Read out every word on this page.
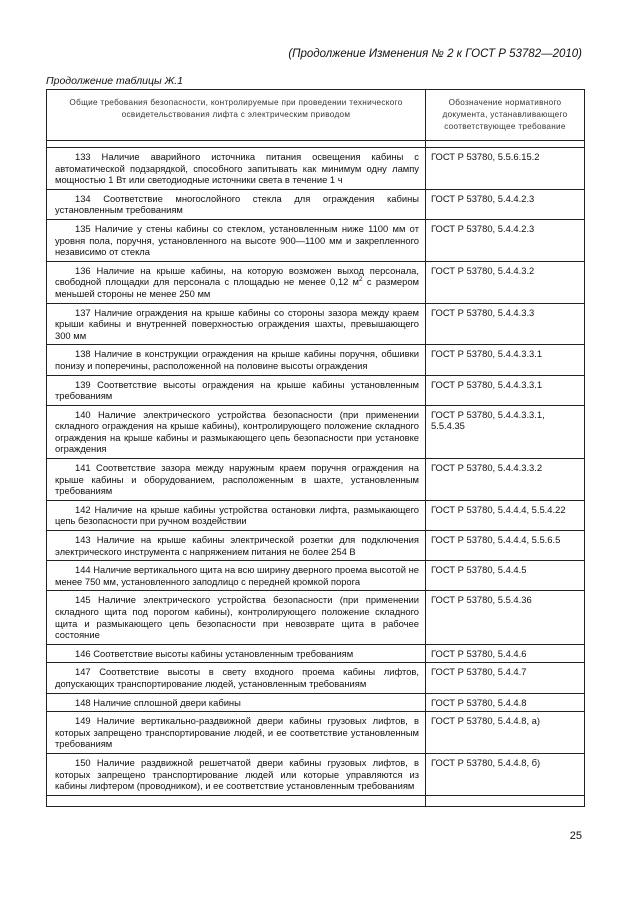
(Продолжение Изменения № 2 к ГОСТ Р 53782—2010)
Продолжение таблицы Ж.1
Общие требования безопасности, контролируемые при проведении технического освидетельствования лифта с электрическим приводом	Обозначение нормативного документа, устанавливающего соответствующее требование

133 Наличие аварийного источника питания освещения кабины с автоматической подзарядкой, способного запитывать как минимум одну лампу мощностью 1 Вт или светодиодные источники света в течение 1 ч	ГОСТ Р 53780, 5.5.6.15.2
134 Соответствие многослойного стекла для ограждения кабины установленным требованиям	ГОСТ Р 53780, 5.4.4.2.3
135 Наличие у стены кабины со стеклом, установленным ниже 1100 мм от уровня пола, поручня, установленного на высоте 900—1100 мм и закрепленного независимо от стекла	ГОСТ Р 53780, 5.4.4.2.3
136 Наличие на крыше кабины, на которую возможен выход персонала, свободной площадки для персонала с площадью не менее 0,12 $м^2$ с размером меньшей стороны не менее 250 мм	ГОСТ Р 53780, 5.4.4.3.2
137 Наличие ограждения на крыше кабины со стороны зазора между краем крыши кабины и внутренней поверхностью ограждения шахты, превышающего 300 мм	ГОСТ Р 53780, 5.4.4.3.3
138 Наличие в конструкции ограждения на крыше кабины поручня, обшивки понизу и поперечины, расположенной на половине высоты ограждения	ГОСТ Р 53780, 5.4.4.3.3.1
139 Соответствие высоты ограждения на крыше кабины установленным требованиям	ГОСТ Р 53780, 5.4.4.3.3.1
140 Наличие электрического устройства безопасности (при применении складного ограждения на крыше кабины), контролирующего положение складного ограждения на крыше кабины и размыкающего цепь безопасности при установке ограждения	ГОСТ Р 53780, 5.4.4.3.3.1, 5.5.4.35
141 Соответствие зазора между наружным краем поручня ограждения на крыше кабины и оборудованием, расположенным в шахте, установленным требованиям	ГОСТ Р 53780, 5.4.4.3.3.2
142 Наличие на крыше кабины устройства остановки лифта, размыкающего цепь безопасности при ручном воздействии	ГОСТ Р 53780, 5.4.4.4, 5.5.4.22
143 Наличие на крыше кабины электрической розетки для подключения электрического инструмента с напряжением питания не более 254 В	ГОСТ Р 53780, 5.4.4.4, 5.5.6.5
144 Наличие вертикального щита на всю ширину дверного проема высотой не менее 750 мм, установленного заподлицо с передней кромкой порога	ГОСТ Р 53780, 5.4.4.5
145 Наличие электрического устройства безопасности (при применении складного щита под порогом кабины), контролирующего положение складного щита и размыкающего цепь безопасности при невозврате щита в рабочее состояние	ГОСТ Р 53780, 5.5.4.36
146 Соответствие высоты кабины установленным требованиям	ГОСТ Р 53780, 5.4.4.6
147 Соответствие высоты в свету входного проема кабины лифтов, допускающих транспортирование людей, установленным требованиям	ГОСТ Р 53780, 5.4.4.7
148 Наличие сплошной двери кабины	ГОСТ Р 53780, 5.4.4.8
149 Наличие вертикально-раздвижной двери кабины грузовых лифтов, в которых запрещено транспортирование людей, и ее соответствие установленным требованиям	ГОСТ Р 53780, 5.4.4.8, а)
150 Наличие раздвижной решетчатой двери кабины грузовых лифтов, в которых запрещено транспортирование людей или которые управляются из кабины лифтером (проводником), и ее соответствие установленным требованиям	ГОСТ Р 53780, 5.4.4.8, б)

25
